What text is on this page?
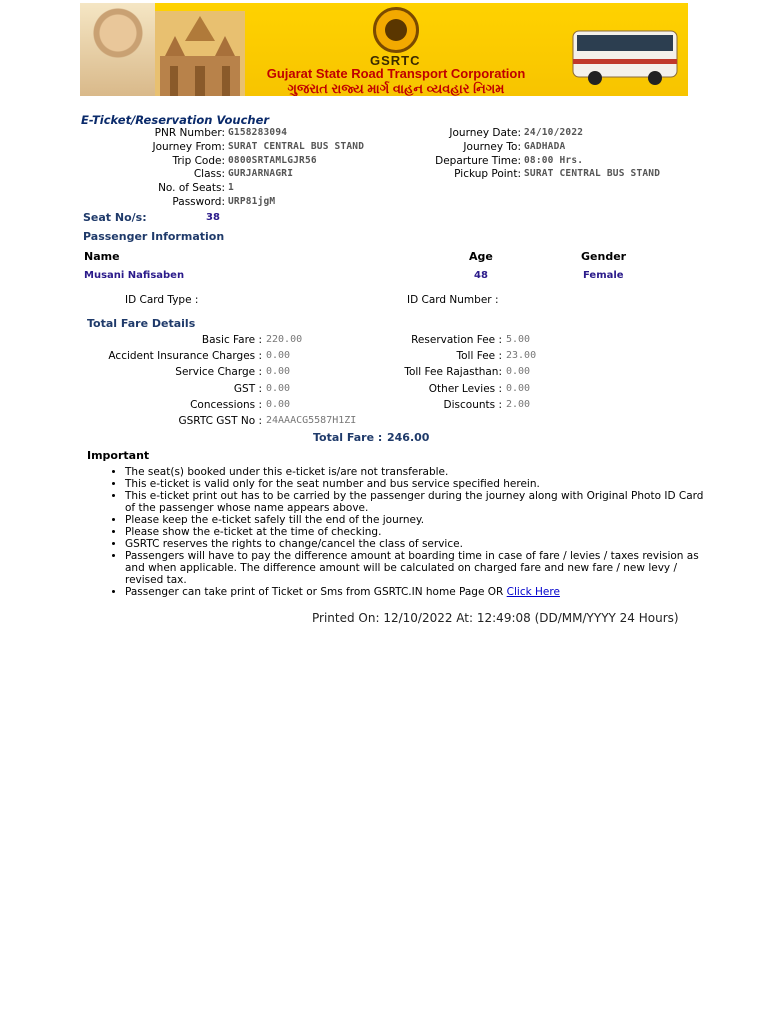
GSRTC
Gujarat State Road Transport Corporation
ગુજરાત રાજ્ય માર્ગ વાહન વ્યવહાર નિગમ
E-Ticket/Reservation Voucher
PNR Number: G158283094
Journey From: SURAT CENTRAL BUS STAND
Trip Code: 0800SRTAMLGJR56
Class: GURJARNAGRI
No. of Seats: 1
Password: URP81jgM
Journey Date: 24/10/2022
Journey To: GADHADA
Departure Time: 08:00 Hrs.
Pickup Point: SURAT CENTRAL BUS STAND
Seat No/s:	38
Passenger Information
Name	Age	Gender
Musani Nafisaben	48	Female
ID Card Type :	ID Card Number :
Total Fare Details
Basic Fare : 220.00
Accident Insurance Charges : 0.00
Service Charge : 0.00
GST : 0.00
Concessions : 0.00
GSRTC GST No : 24AAACG5587H1ZI
Reservation Fee : 5.00
Toll Fee : 23.00
Toll Fee Rajasthan: 0.00
Other Levies : 0.00
Discounts : 2.00
Total Fare : 246.00
Important
• The seat(s) booked under this e-ticket is/are not transferable.
• This e-ticket is valid only for the seat number and bus service specified herein.
• This e-ticket print out has to be carried by the passenger during the journey along with Original Photo ID Card of the passenger whose name appears above.
• Please keep the e-ticket safely till the end of the journey.
• Please show the e-ticket at the time of checking.
• GSRTC reserves the rights to change/cancel the class of service.
• Passengers will have to pay the difference amount at boarding time in case of fare / levies / taxes revision as and when applicable. The difference amount will be calculated on charged fare and new fare / new levy / revised tax.
• Passenger can take print of Ticket or Sms from GSRTC.IN home Page OR Click Here
Printed On: 12/10/2022 At: 12:49:08 (DD/MM/YYYY 24 Hours)
